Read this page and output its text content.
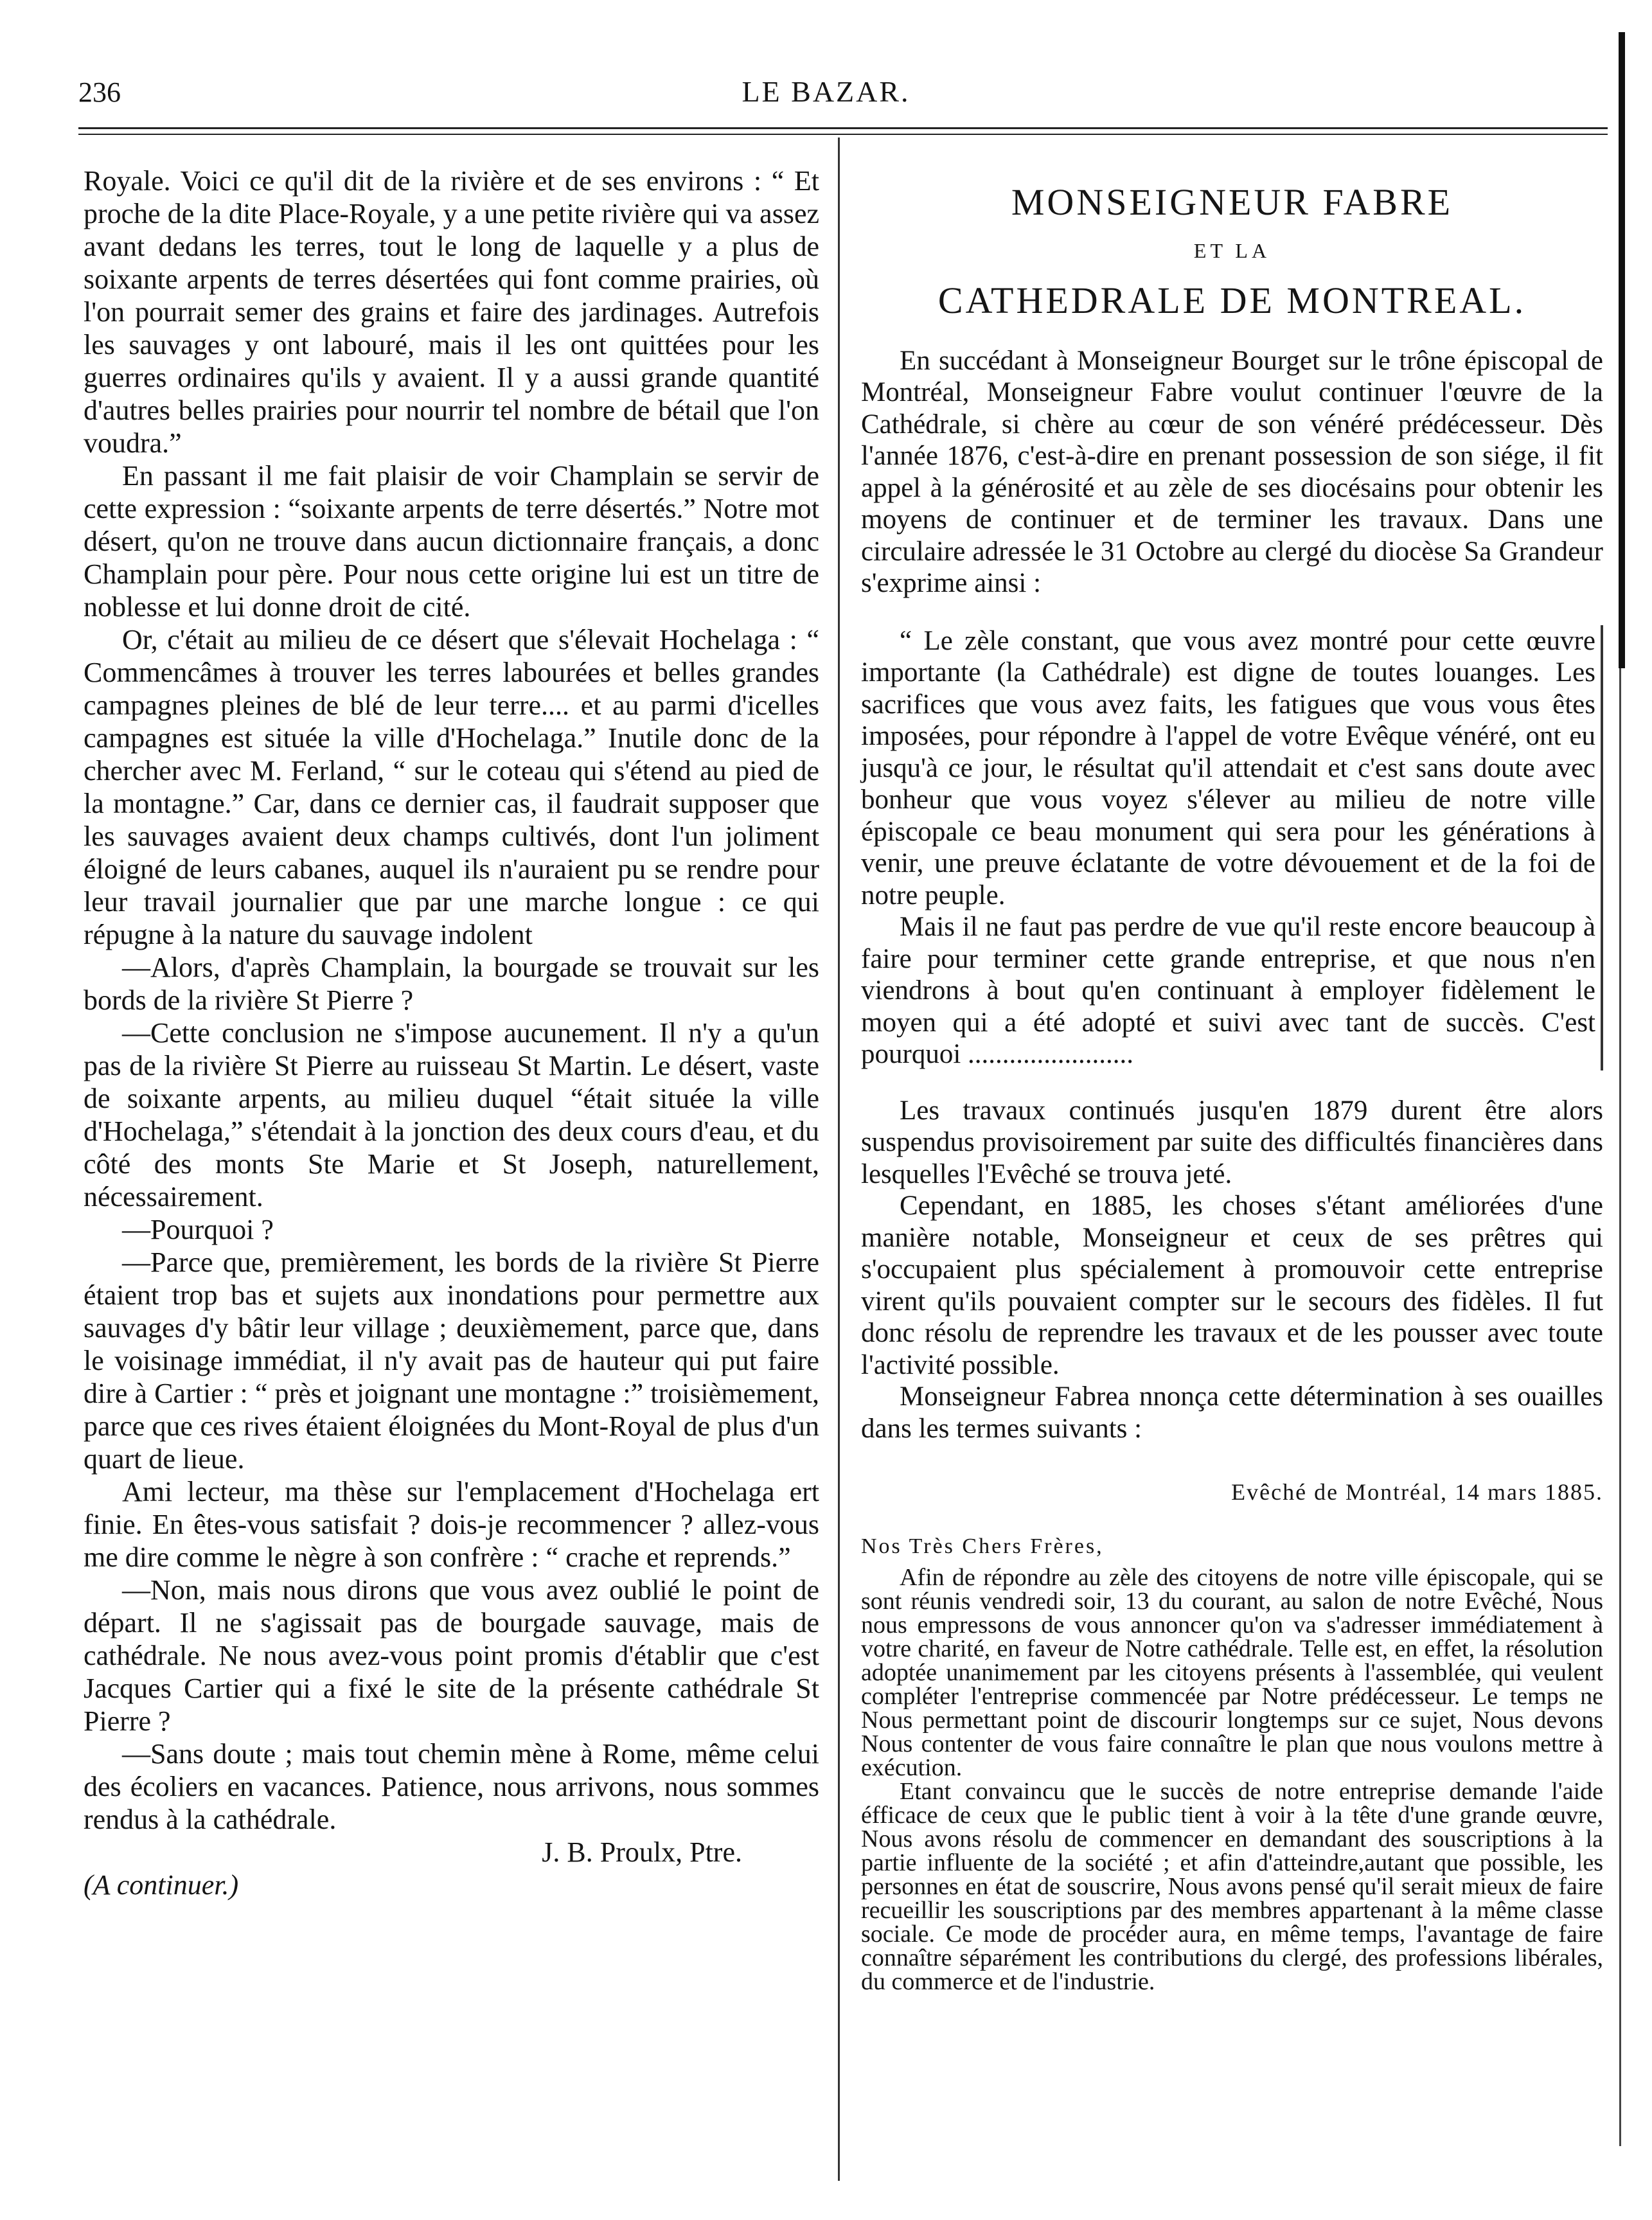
236	LE BAZAR.

Royale. Voici ce qu'il dit de la rivière et de ses environs : “ Et proche de la dite Place-Royale, y a une petite rivière qui va assez avant dedans les terres, tout le long de laquelle y a plus de soixante arpents de terres désertées qui font comme prairies, où l'on pourrait semer des grains et faire des jardinages. Autrefois les sauvages y ont labouré, mais il les ont quittées pour les guerres ordinaires qu'ils y avaient. Il y a aussi grande quantité d'autres belles prairies pour nourrir tel nombre de bétail que l'on voudra.”

En passant il me fait plaisir de voir Champlain se servir de cette expression : “soixante arpents de terre désertés.” Notre mot désert, qu'on ne trouve dans aucun dictionnaire français, a donc Champlain pour père. Pour nous cette origine lui est un titre de noblesse et lui donne droit de cité.

Or, c'était au milieu de ce désert que s'élevait Hochelaga : “ Commencâmes à trouver les terres labourées et belles grandes campagnes pleines de blé de leur terre.... et au parmi d'icelles campagnes est située la ville d'Hochelaga.” Inutile donc de la chercher avec M. Ferland, “ sur le coteau qui s'étend au pied de la montagne.” Car, dans ce dernier cas, il faudrait supposer que les sauvages avaient deux champs cultivés, dont l'un joliment éloigné de leurs cabanes, auquel ils n'auraient pu se rendre pour leur travail journalier que par une marche longue : ce qui répugne à la nature du sauvage indolent

—Alors, d'après Champlain, la bourgade se trouvait sur les bords de la rivière St Pierre ?

—Cette conclusion ne s'impose aucunement. Il n'y a qu'un pas de la rivière St Pierre au ruisseau St Martin. Le désert, vaste de soixante arpents, au milieu duquel “était située la ville d'Hochelaga,” s'étendait à la jonction des deux cours d'eau, et du côté des monts Ste Marie et St Joseph, naturellement, nécessairement.

—Pourquoi ?

—Parce que, premièrement, les bords de la rivière St Pierre étaient trop bas et sujets aux inondations pour permettre aux sauvages d'y bâtir leur village ; deuxièmement, parce que, dans le voisinage immédiat, il n'y avait pas de hauteur qui put faire dire à Cartier : “ près et joignant une montagne :” troisièmement, parce que ces rives étaient éloignées du Mont-Royal de plus d'un quart de lieue.

Ami lecteur, ma thèse sur l'emplacement d'Hochelaga ert finie. En êtes-vous satisfait ? dois-je recommencer ? allez-vous me dire comme le nègre à son confrère : “ crache et reprends.”

—Non, mais nous dirons que vous avez oublié le point de départ. Il ne s'agissait pas de bourgade sauvage, mais de cathédrale. Ne nous avez-vous point promis d'établir que c'est Jacques Cartier qui a fixé le site de la présente cathédrale St Pierre ?

—Sans doute ; mais tout chemin mène à Rome, même celui des écoliers en vacances. Patience, nous arrivons, nous sommes rendus à la cathédrale.

J. B. Proulx, Ptre.

(A continuer.)

MONSEIGNEUR FABRE
ET LA
CATHEDRALE DE MONTREAL.

En succédant à Monseigneur Bourget sur le trône épiscopal de Montréal, Monseigneur Fabre voulut continuer l'œuvre de la Cathédrale, si chère au cœur de son vénéré prédécesseur. Dès l'année 1876, c'est-à-dire en prenant possession de son siége, il fit appel à la générosité et au zèle de ses diocésains pour obtenir les moyens de continuer et de terminer les travaux. Dans une circulaire adressée le 31 Octobre au clergé du diocèse Sa Grandeur s'exprime ainsi :

“ Le zèle constant, que vous avez montré pour cette œuvre importante (la Cathédrale) est digne de toutes louanges. Les sacrifices que vous avez faits, les fatigues que vous vous êtes imposées, pour répondre à l'appel de votre Evêque vénéré, ont eu jusqu'à ce jour, le résultat qu'il attendait et c'est sans doute avec bonheur que vous voyez s'élever au milieu de notre ville épiscopale ce beau monument qui sera pour les générations à venir, une preuve éclatante de votre dévouement et de la foi de notre peuple.

Mais il ne faut pas perdre de vue qu'il reste encore beaucoup à faire pour terminer cette grande entreprise, et que nous n'en viendrons à bout qu'en continuant à employer fidèlement le moyen qui a été adopté et suivi avec tant de succès. C'est pourquoi ........................

Les travaux continués jusqu'en 1879 durent être alors suspendus provisoirement par suite des difficultés financières dans lesquelles l'Evêché se trouva jeté.

Cependant, en 1885, les choses s'étant améliorées d'une manière notable, Monseigneur et ceux de ses prêtres qui s'occupaient plus spécialement à promouvoir cette entreprise virent qu'ils pouvaient compter sur le secours des fidèles. Il fut donc résolu de reprendre les travaux et de les pousser avec toute l'activité possible.

Monseigneur Fabrea nnonça cette détermination à ses ouailles dans les termes suivants :

Evêché de Montréal, 14 mars 1885.
Nos Très Chers Frères,

Afin de répondre au zèle des citoyens de notre ville épiscopale, qui se sont réunis vendredi soir, 13 du courant, au salon de notre Evêché, Nous nous empressons de vous annoncer qu'on va s'adresser immédiatement à votre charité, en faveur de Notre cathédrale. Telle est, en effet, la résolution adoptée unanimement par les citoyens présents à l'assemblée, qui veulent compléter l'entreprise commencée par Notre prédécesseur. Le temps ne Nous permettant point de discourir longtemps sur ce sujet, Nous devons Nous contenter de vous faire connaître le plan que nous voulons mettre à exécution.

Etant convaincu que le succès de notre entreprise demande l'aide éfficace de ceux que le public tient à voir à la tête d'une grande œuvre, Nous avons résolu de commencer en demandant des souscriptions à la partie influente de la société ; et afin d'atteindre,autant que possible, les personnes en état de souscrire, Nous avons pensé qu'il serait mieux de faire recueillir les souscriptions par des membres appartenant à la même classe sociale. Ce mode de procéder aura, en même temps, l'avantage de faire connaître séparément les contributions du clergé, des professions libérales, du commerce et de l'industrie.
